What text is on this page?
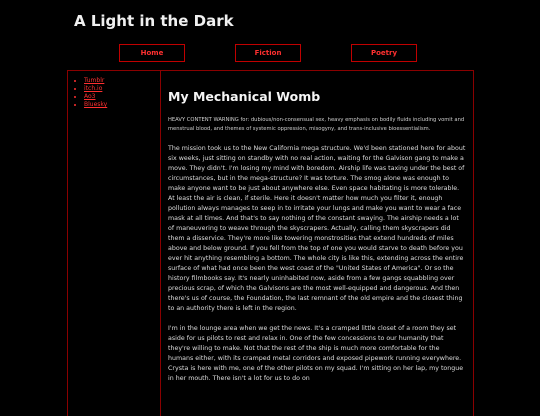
A Light in the Dark
Home	Fiction	Poetry
• Tumblr
• itch.io
• Ao3
• Bluesky
My Mechanical Womb

HEAVY CONTENT WARNING for: dubious/non-consensual sex, heavy emphasis on bodily fluids including vomit and menstrual blood, and themes of systemic oppression, misogyny, and trans-inclusive bioessentialism.

The mission took us to the New California mega structure. We'd been stationed here for about six weeks, just sitting on standby with no real action, waiting for the Galvison gang to make a move. They didn't. I'm losing my mind with boredom. Airship life was taxing under the best of circumstances, but in the mega-structure? It was torture. The smog alone was enough to make anyone want to be just about anywhere else. Even space habitating is more tolerable. At least the air is clean, if sterile. Here it doesn't matter how much you filter it, enough pollution always manages to seep in to irritate your lungs and make you want to wear a face mask at all times. And that's to say nothing of the constant swaying. The airship needs a lot of maneuvering to weave through the skyscrapers. Actually, calling them skyscrapers did them a disservice. They're more like towering monstrosities that extend hundreds of miles above and below ground. If you fell from the top of one you would starve to death before you ever hit anything resembling a bottom. The whole city is like this, extending across the entire surface of what had once been the west coast of the "United States of America". Or so the history filmbooks say. It's nearly uninhabited now, aside from a few gangs squabbling over precious scrap, of which the Galvisons are the most well-equipped and dangerous. And then there's us of course, the Foundation, the last remnant of the old empire and the closest thing to an authority there is left in the region.

I'm in the lounge area when we get the news. It's a cramped little closet of a room they set aside for us pilots to rest and relax in. One of the few concessions to our humanity that they're willing to make. Not that the rest of the ship is much more comfortable for the humans either, with its cramped metal corridors and exposed pipework running everywhere. Crysta is here with me, one of the other pilots on my squad. I'm sitting on her lap, my tongue in her mouth. There isn't a lot for us to do on
